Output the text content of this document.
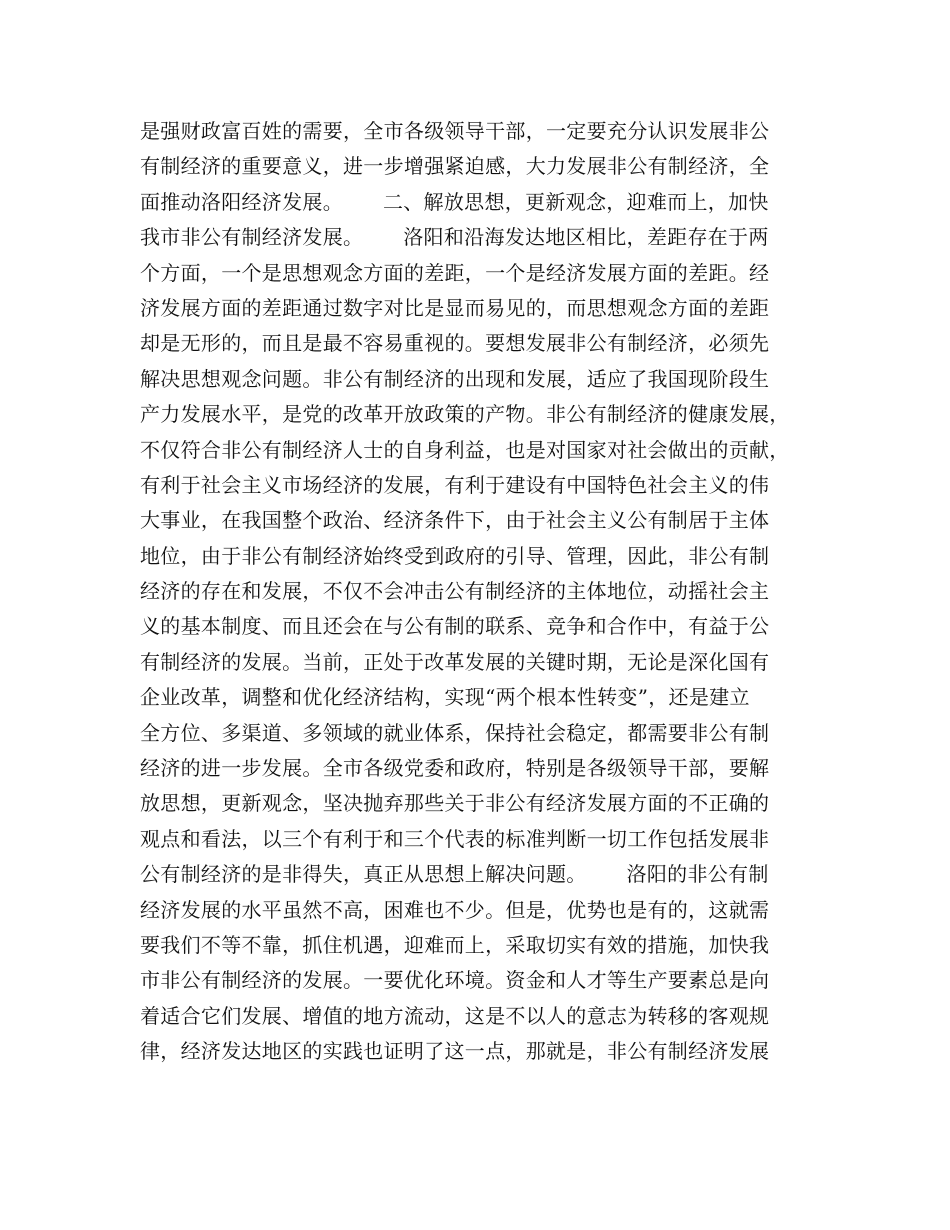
是强财政富百姓的需要，全市各级领导干部，一定要充分认识发展非公
有制经济的重要意义，进一步增强紧迫感，大力发展非公有制经济，全
面推动洛阳经济发展。      二、解放思想，更新观念，迎难而上，加快
我市非公有制经济发展。      洛阳和沿海发达地区相比，差距存在于两
个方面，一个是思想观念方面的差距，一个是经济发展方面的差距。经
济发展方面的差距通过数字对比是显而易见的，而思想观念方面的差距
却是无形的，而且是最不容易重视的。要想发展非公有制经济，必须先
解决思想观念问题。非公有制经济的出现和发展，适应了我国现阶段生
产力发展水平，是党的改革开放政策的产物。非公有制经济的健康发展，
不仅符合非公有制经济人士的自身利益，也是对国家对社会做出的贡献，
有利于社会主义市场经济的发展，有利于建设有中国特色社会主义的伟
大事业，在我国整个政治、经济条件下，由于社会主义公有制居于主体
地位，由于非公有制经济始终受到政府的引导、管理，因此，非公有制
经济的存在和发展，不仅不会冲击公有制经济的主体地位，动摇社会主
义的基本制度、而且还会在与公有制的联系、竞争和合作中，有益于公
有制经济的发展。当前，正处于改革发展的关键时期，无论是深化国有
企业改革，调整和优化经济结构，实现“两个根本性转变”，还是建立
全方位、多渠道、多领域的就业体系，保持社会稳定，都需要非公有制
经济的进一步发展。全市各级党委和政府，特别是各级领导干部，要解
放思想，更新观念，坚决抛弃那些关于非公有经济发展方面的不正确的
观点和看法，以三个有利于和三个代表的标准判断一切工作包括发展非
公有制经济的是非得失，真正从思想上解决问题。      洛阳的非公有制
经济发展的水平虽然不高，困难也不少。但是，优势也是有的，这就需
要我们不等不靠，抓住机遇，迎难而上，采取切实有效的措施，加快我
市非公有制经济的发展。一要优化环境。资金和人才等生产要素总是向
着适合它们发展、增值的地方流动，这是不以人的意志为转移的客观规
律，经济发达地区的实践也证明了这一点，那就是，非公有制经济发展
